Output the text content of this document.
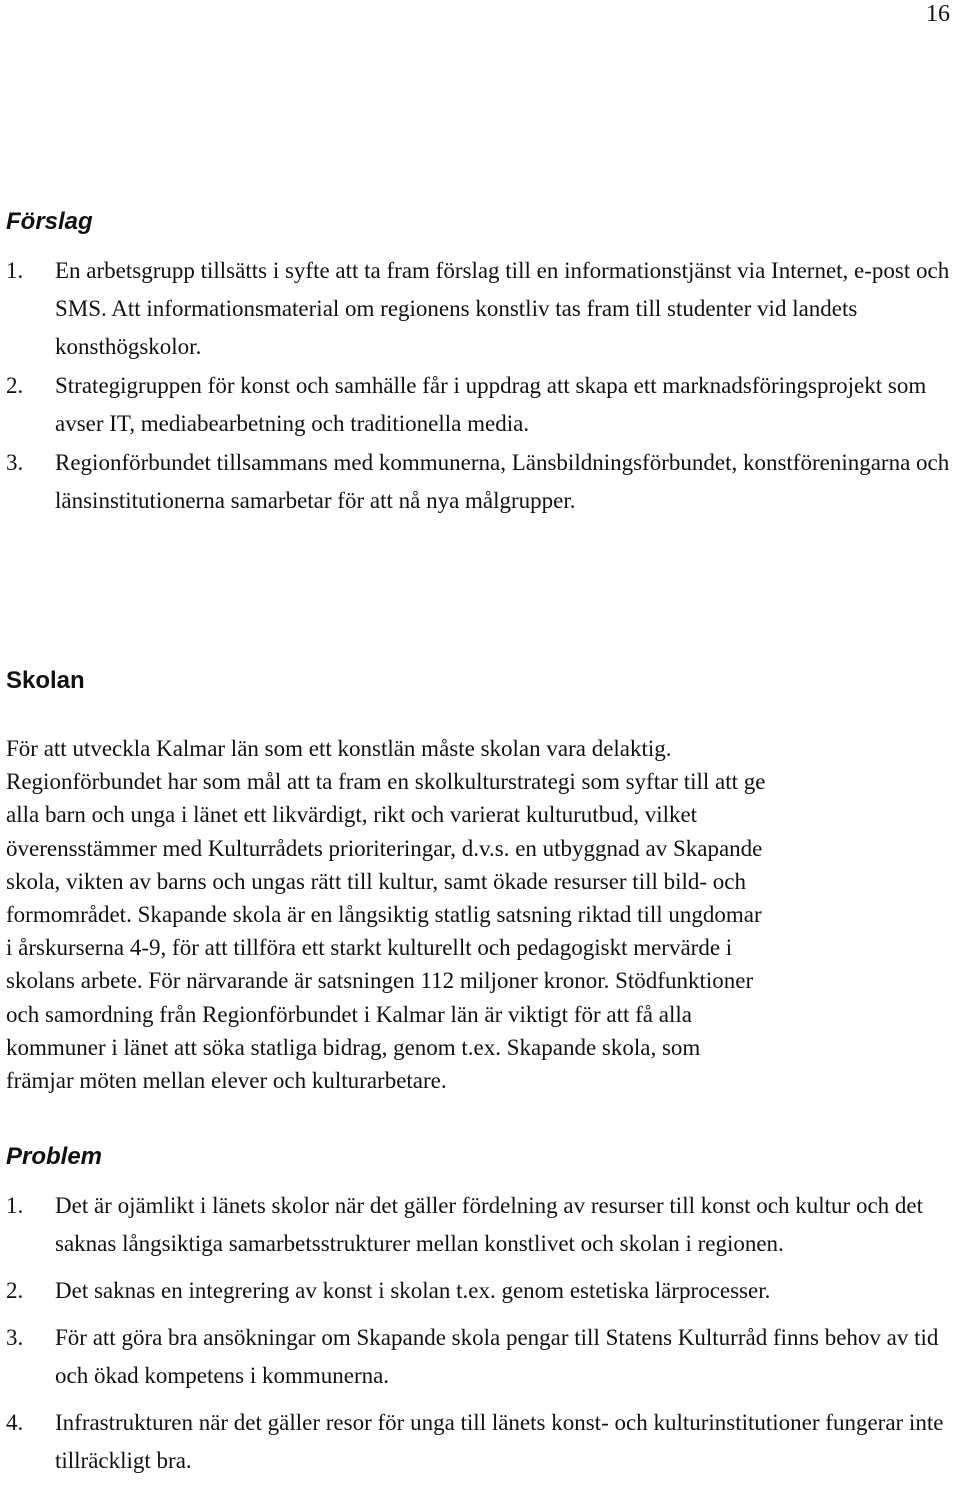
16
Förslag
1. En arbetsgrupp tillsätts i syfte att ta fram förslag till en informationstjänst via Internet, e-post och SMS. Att informationsmaterial om regionens konstliv tas fram till studenter vid landets konsthögskolor.
2. Strategigruppen för konst och samhälle får i uppdrag att skapa ett marknadsföringsprojekt som avser IT, mediabearbetning och traditionella media.
3. Regionförbundet tillsammans med kommunerna, Länsbildningsförbundet, konstföreningarna och länsinstitutionerna samarbetar för att nå nya målgrupper.
Skolan
För att utveckla Kalmar län som ett konstlän måste skolan vara delaktig.
Regionförbundet har som mål att ta fram en skolkulturstrategi som syftar till att ge
alla barn och unga i länet ett likvärdigt, rikt och varierat kulturutbud, vilket
överensstämmer med Kulturrådets prioriteringar, d.v.s. en utbyggnad av Skapande
skola, vikten av barns och ungas rätt till kultur, samt ökade resurser till bild- och
formområdet. Skapande skola är en långsiktig statlig satsning riktad till ungdomar
i årskurserna 4-9, för att tillföra ett starkt kulturellt och pedagogiskt mervärde i
skolans arbete. För närvarande är satsningen 112 miljoner kronor. Stödfunktioner
och samordning från Regionförbundet i Kalmar län är viktigt för att få alla
kommuner i länet att söka statliga bidrag, genom t.ex. Skapande skola, som
främjar möten mellan elever och kulturarbetare.
Problem
1. Det är ojämlikt i länets skolor när det gäller fördelning av resurser till konst och kultur och det saknas långsiktiga samarbetsstrukturer mellan konstlivet och skolan i regionen.
2. Det saknas en integrering av konst i skolan t.ex. genom estetiska lärprocesser.
3. För att göra bra ansökningar om Skapande skola pengar till Statens Kulturråd finns behov av tid och ökad kompetens i kommunerna.
4. Infrastrukturen när det gäller resor för unga till länets konst- och kulturinstitutioner fungerar inte tillräckligt bra.
